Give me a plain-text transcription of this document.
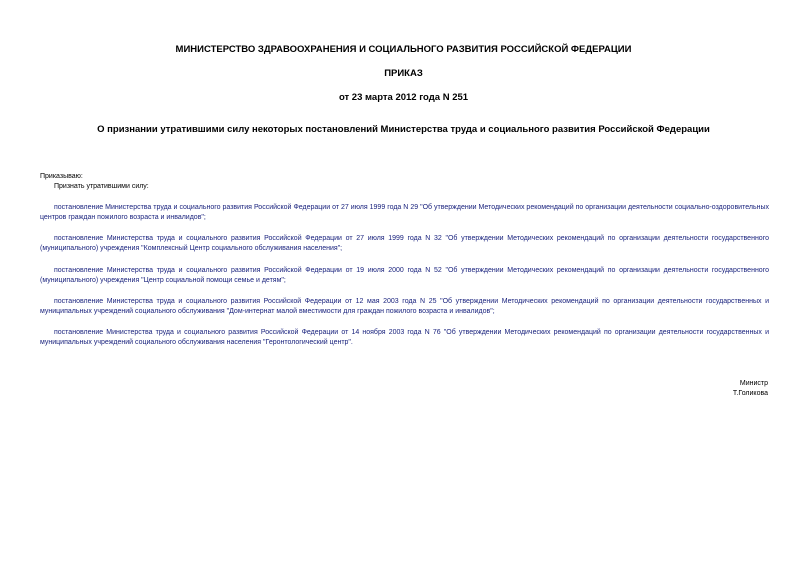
МИНИСТЕРСТВО ЗДРАВООХРАНЕНИЯ И СОЦИАЛЬНОГО РАЗВИТИЯ РОССИЙСКОЙ ФЕДЕРАЦИИ
ПРИКАЗ
от 23 марта 2012 года N 251
О признании утратившими силу некоторых постановлений Министерства труда и социального развития Российской Федерации
Приказываю:
Признать утратившими силу:
постановление Министерства труда и социального развития Российской Федерации от 27 июля 1999 года N 29 "Об утверждении Методических рекомендаций по организации деятельности социально-оздоровительных центров граждан пожилого возраста и инвалидов";
постановление Министерства труда и социального развития Российской Федерации от 27 июля 1999 года N 32 "Об утверждении Методических рекомендаций по организации деятельности государственного (муниципального) учреждения "Комплексный Центр социального обслуживания населения";
постановление Министерства труда и социального развития Российской Федерации от 19 июля 2000 года N 52 "Об утверждении Методических рекомендаций по организации деятельности государственного (муниципального) учреждения "Центр социальной помощи семье и детям";
постановление Министерства труда и социального развития Российской Федерации от 12 мая 2003 года N 25 "Об утверждении Методических рекомендаций по организации деятельности государственных и муниципальных учреждений социального обслуживания "Дом-интернат малой вместимости для граждан пожилого возраста и инвалидов";
постановление Министерства труда и социального развития Российской Федерации от 14 ноября 2003 года N 76 "Об утверждении Методических рекомендаций по организации деятельности государственных и муниципальных учреждений социального обслуживания населения "Геронтологический центр".
Министр
Т.Голикова
